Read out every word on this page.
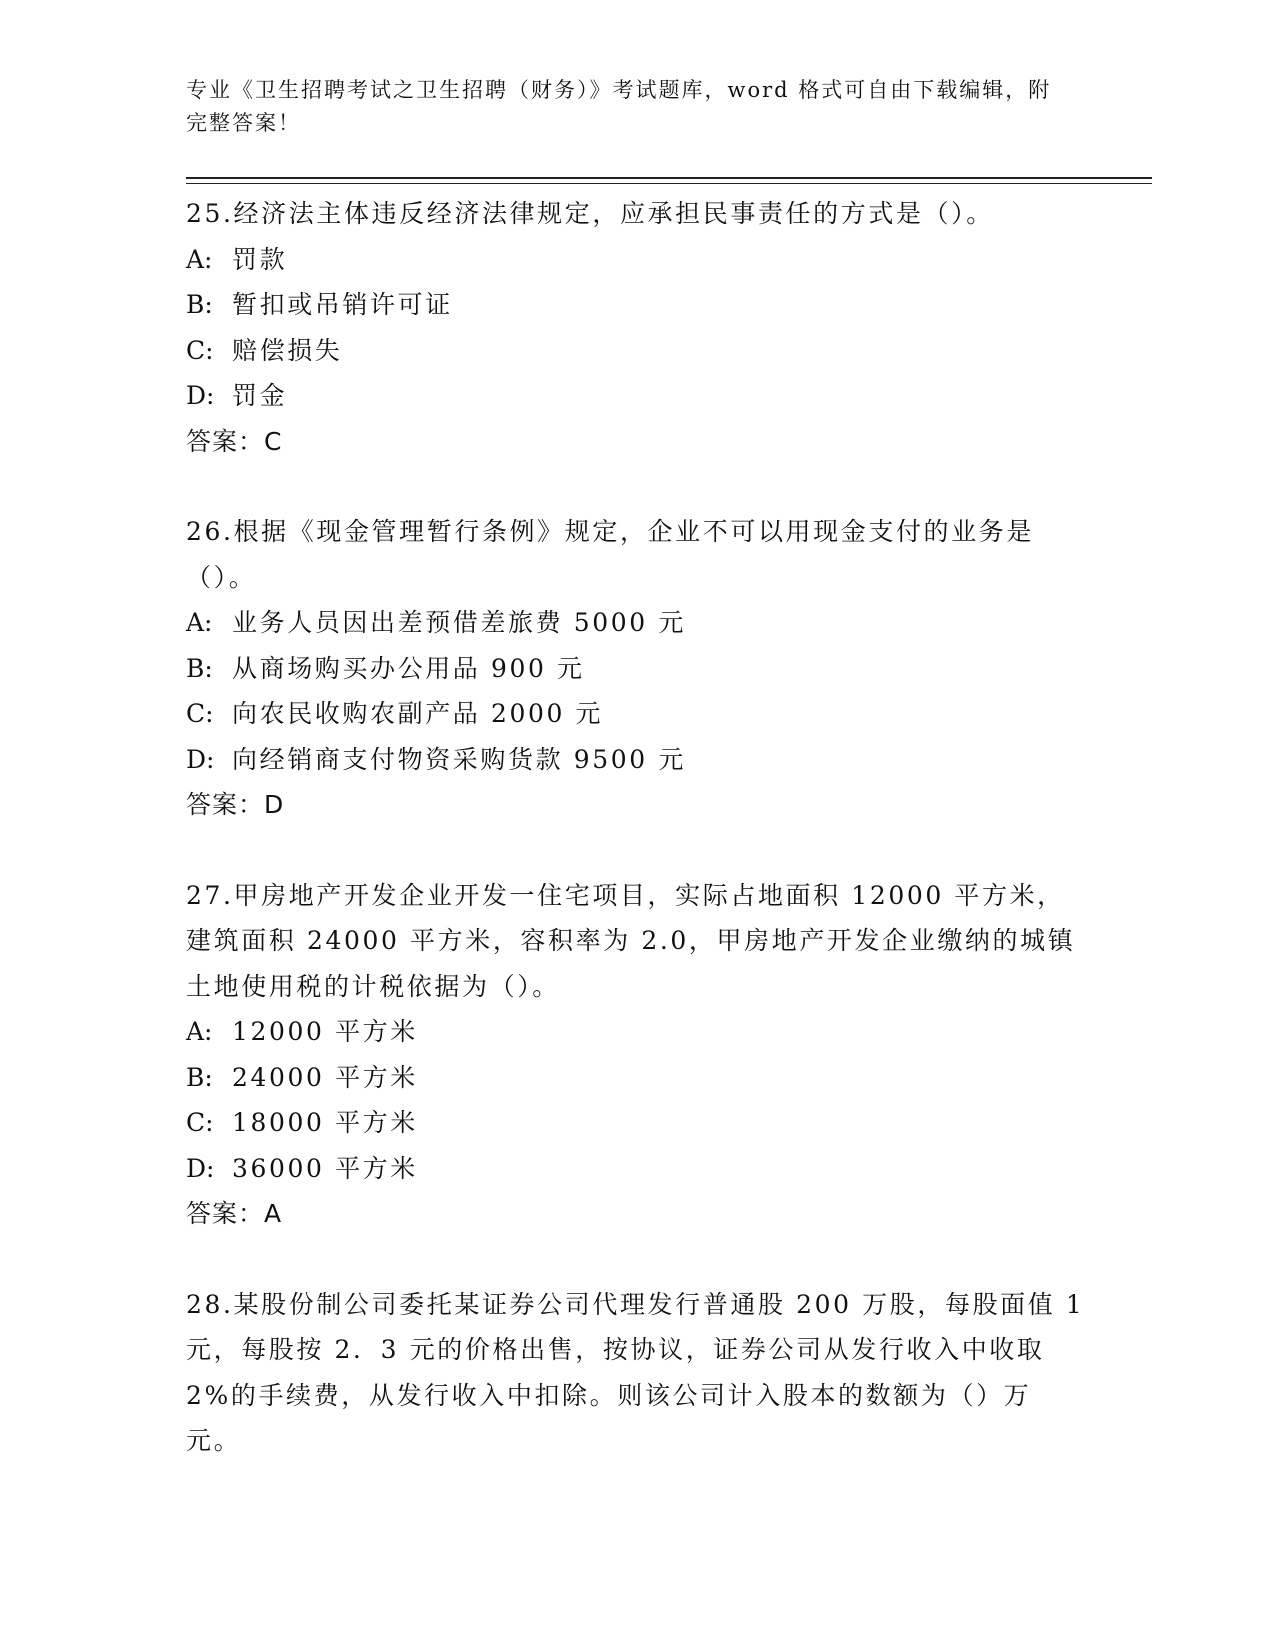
专业《卫生招聘考试之卫生招聘（财务）》考试题库，word 格式可自由下载编辑，附完整答案！

25.经济法主体违反经济法律规定，应承担民事责任的方式是（）。

A: 罚款

B: 暂扣或吊销许可证

C: 赔偿损失

D: 罚金

答案：C

26.根据《现金管理暂行条例》规定，企业不可以用现金支付的业务是（）。

A: 业务人员因出差预借差旅费 5000 元

B: 从商场购买办公用品 900 元

C: 向农民收购农副产品 2000 元

D: 向经销商支付物资采购货款 9500 元

答案：D

27.甲房地产开发企业开发一住宅项目，实际占地面积 12000 平方米，建筑面积 24000 平方米，容积率为 2.0，甲房地产开发企业缴纳的城镇土地使用税的计税依据为（）。

A: 12000 平方米

B: 24000 平方米

C: 18000 平方米

D: 36000 平方米

答案：A

28.某股份制公司委托某证券公司代理发行普通股 200 万股，每股面值 1 元，每股按 2．3 元的价格出售，按协议，证券公司从发行收入中收取 2%的手续费，从发行收入中扣除。则该公司计入股本的数额为（）万元。
